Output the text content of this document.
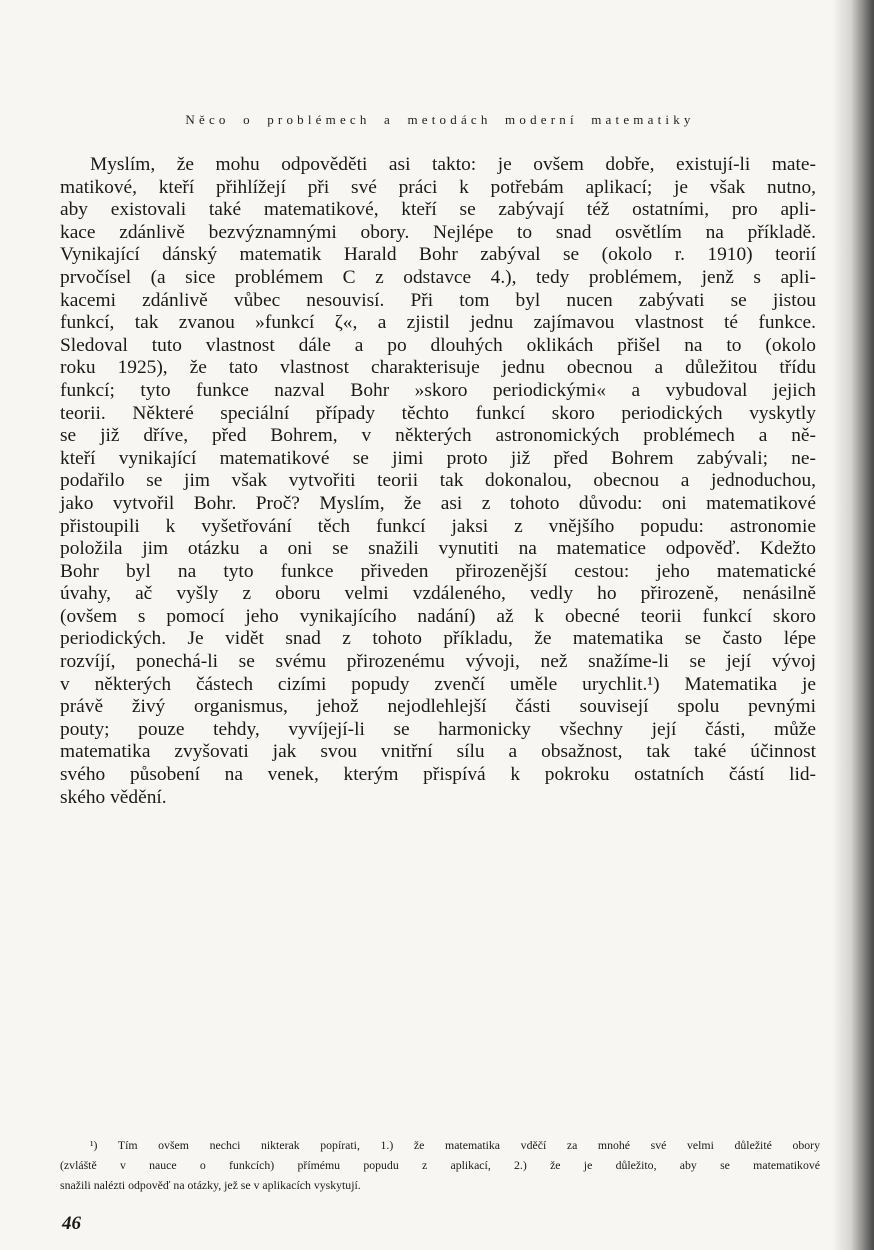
Něco o problémech a metodách moderní matematiky
Myslím, že mohu odpověděti asi takto: je ovšem dobře, existují-li mate-
matikové, kteří přihlížejí při své práci k potřebám aplikací; je však nutno,
aby existovali také matematikové, kteří se zabývají též ostatními, pro apli-
kace zdánlivě bezvýznamnými obory. Nejlépe to snad osvětlím na příkladě.
Vynikající dánský matematik Harald Bohr zabýval se (okolo r. 1910) teorií
prvočísel (a sice problémem C z odstavce 4.), tedy problémem, jenž s apli-
kacemi zdánlivě vůbec nesouvisí. Při tom byl nucen zabývati se jistou
funkcí, tak zvanou »funkcí ζ«, a zjistil jednu zajímavou vlastnost té funkce.
Sledoval tuto vlastnost dále a po dlouhých oklikách přišel na to (okolo
roku 1925), že tato vlastnost charakterisuje jednu obecnou a důležitou třídu
funkcí; tyto funkce nazval Bohr »skoro periodickými« a vybudoval jejich
teorii. Některé speciální případy těchto funkcí skoro periodických vyskytly
se již dříve, před Bohrem, v některých astronomických problémech a ně-
kteří vynikající matematikové se jimi proto již před Bohrem zabývali; ne-
podařilo se jim však vytvořiti teorii tak dokonalou, obecnou a jednoduchou,
jako vytvořil Bohr. Proč? Myslím, že asi z tohoto důvodu: oni matematikové
přistoupili k vyšetřování těch funkcí jaksi z vnějšího popudu: astronomie
položila jim otázku a oni se snažili vynutiti na matematice odpověď. Kdežto
Bohr byl na tyto funkce přiveden přirozenější cestou: jeho matematické
úvahy, ač vyšly z oboru velmi vzdáleného, vedly ho přirozeně, nenásilně
(ovšem s pomocí jeho vynikajícího nadání) až k obecné teorii funkcí skoro
periodických. Je vidět snad z tohoto příkladu, že matematika se často lépe
rozvíjí, ponechá-li se svému přirozenému vývoji, než snažíme-li se její vývoj
v některých částech cizími popudy zvenčí uměle urychlit.¹) Matematika je
právě živý organismus, jehož nejodlehlejší části souvisejí spolu pevnými
pouty; pouze tehdy, vyvíjejí-li se harmonicky všechny její části, může
matematika zvyšovati jak svou vnitřní sílu a obsažnost, tak také účinnost
svého působení na venek, kterým přispívá k pokroku ostatních částí lid-
ského vědění.
¹) Tím ovšem nechci nikterak popírati, 1.) že matematika vděčí za mnohé své velmi důležité obory
(zvláště v nauce o funkcích) přímému popudu z aplikací, 2.) že je důležito, aby se matematikové
snažili nalézti odpověď na otázky, jež se v aplikacích vyskytují.
46
